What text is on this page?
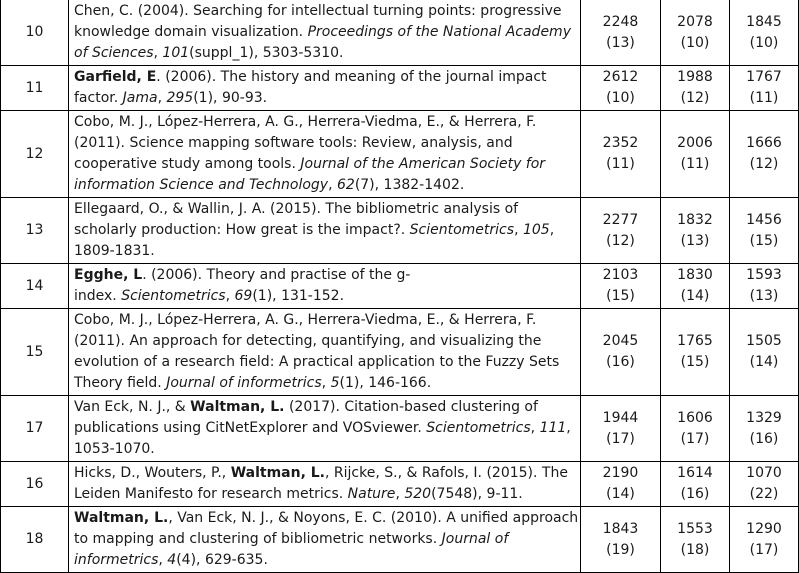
10	Chen, C. (2004). Searching for intellectual turning points: progressive
knowledge domain visualization. Proceedings of the National Academy
of Sciences, 101(suppl_1), 5303-5310.	2248
(13)	2078
(10)	1845
(10)

11	Garfield, E. (2006). The history and meaning of the journal impact
factor. Jama, 295(1), 90-93.	2612
(10)	1988
(12)	1767
(11)

12	Cobo, M. J., López-Herrera, A. G., Herrera-Viedma, E., & Herrera, F.
(2011). Science mapping software tools: Review, analysis, and
cooperative study among tools. Journal of the American Society for
information Science and Technology, 62(7), 1382-1402.	2352
(11)	2006
(11)	1666
(12)

13	Ellegaard, O., & Wallin, J. A. (2015). The bibliometric analysis of
scholarly production: How great is the impact?. Scientometrics, 105,
1809-1831.	2277
(12)	1832
(13)	1456
(15)

14	Egghe, L. (2006). Theory and practise of the g-
index. Scientometrics, 69(1), 131-152.	2103
(15)	1830
(14)	1593
(13)

15	Cobo, M. J., López-Herrera, A. G., Herrera-Viedma, E., & Herrera, F.
(2011). An approach for detecting, quantifying, and visualizing the
evolution of a research field: A practical application to the Fuzzy Sets
Theory field. Journal of informetrics, 5(1), 146-166.	2045
(16)	1765
(15)	1505
(14)

17	Van Eck, N. J., & Waltman, L. (2017). Citation-based clustering of
publications using CitNetExplorer and VOSviewer. Scientometrics, 111,
1053-1070.	1944
(17)	1606
(17)	1329
(16)

16	Hicks, D., Wouters, P., Waltman, L., Rijcke, S., & Rafols, I. (2015). The
Leiden Manifesto for research metrics. Nature, 520(7548), 9-11.	2190
(14)	1614
(16)	1070
(22)

18	Waltman, L., Van Eck, N. J., & Noyons, E. C. (2010). A unified approach
to mapping and clustering of bibliometric networks. Journal of
informetrics, 4(4), 629-635.	1843
(19)	1553
(18)	1290
(17)
